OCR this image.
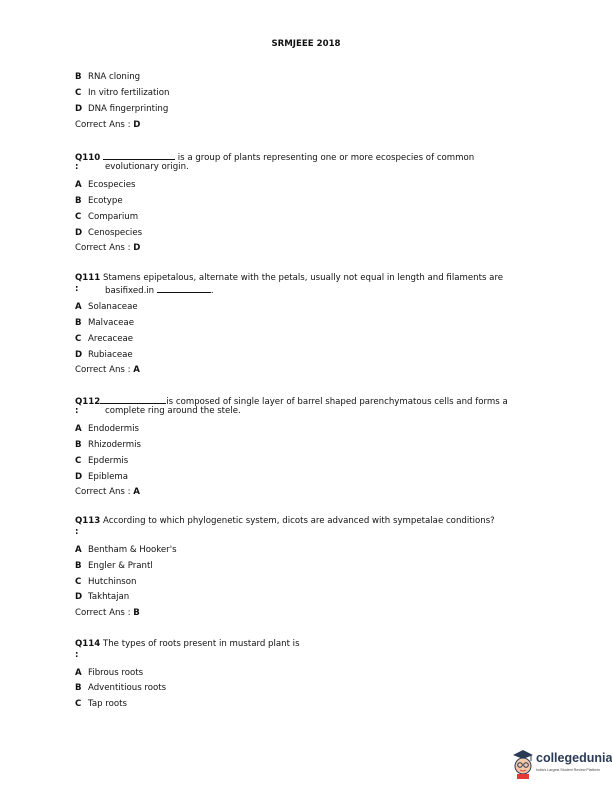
SRMJEEE 2018
B RNA cloning
C In vitro fertilization
D DNA fingerprinting
Correct Ans : D
Q110	is a group of plants representing one or more ecospecies of common
:	evolutionary origin.
A Ecospecies
B Ecotype
C Comparium
D Cenospecies
Correct Ans : D
Q111 Stamens epipetalous, alternate with the petals, usually not equal in length and filaments are
:	basifixed.in	.
A Solanaceae
B Malvaceae
C Arecaceae
D Rubiaceae
Correct Ans : A
Q112	is composed of single layer of barrel shaped parenchymatous cells and forms a
:	complete ring around the stele.
A Endodermis
B Rhizodermis
C Epdermis
D Epiblema
Correct Ans : A
Q113 According to which phylogenetic system, dicots are advanced with sympetalae conditions?
:
A Bentham & Hooker's
B Engler & Prantl
C Hutchinson
D Takhtajan
Correct Ans : B
Q114 The types of roots present in mustard plant is
:
A Fibrous roots
B Adventitious roots
C Tap roots
collegedunia
India's Largest Student Review Platform
